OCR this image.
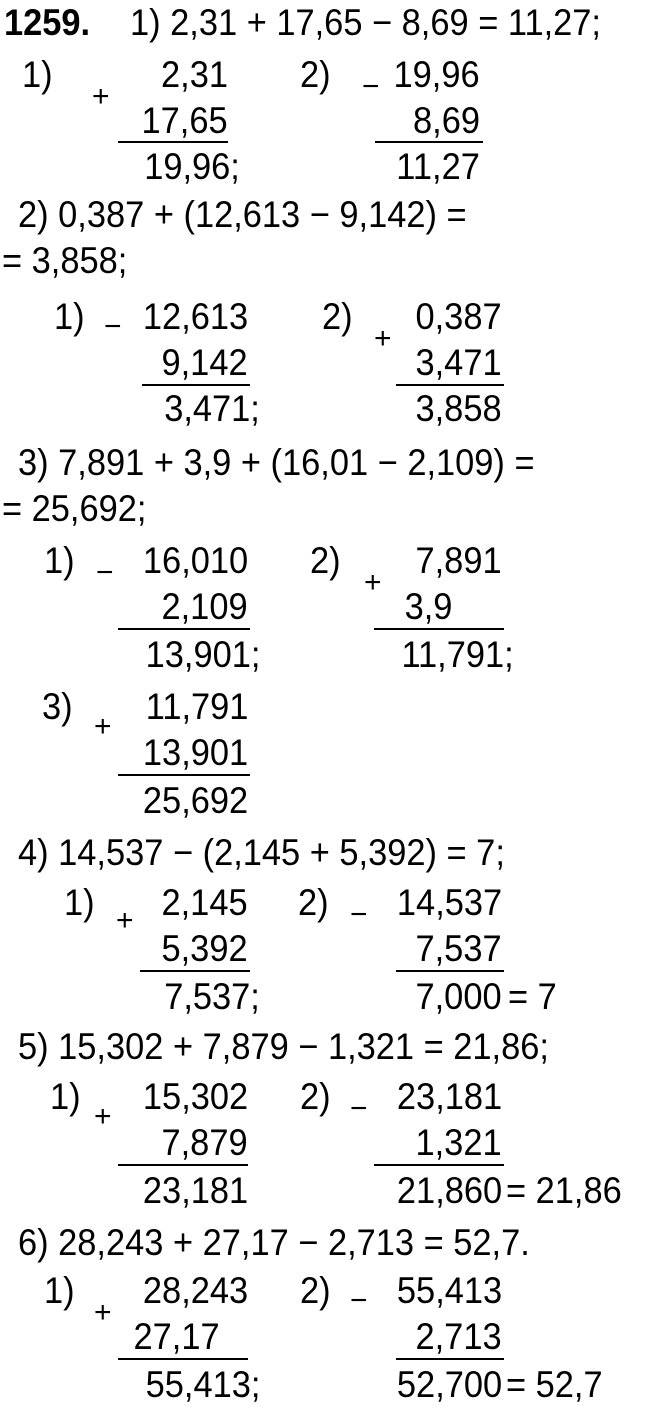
1259. 1) 2,31 + 17,65 − 8,69 = 11,27;
1)
+
2,31
17,65
19,96;
2) − 19,96
8,69
11,27
2) 0,387 + (12,613 − 9,142) =
= 3,858;
1) − 12,613
9,142
3,471;
2)
+
0,387
3,471
3,858
3) 7,891 + 3,9 + (16,01 − 2,109) =
= 25,692;
1) − 16,010
2,109
13,901;
2)
+
7,891
3,9
11,791;
3) + 11,791
13,901
25,692
4) 14,537 − (2,145 + 5,392) = 7;
1) + 2,145
5,392
7,537;
2) − 14,537
7,537
7,000 = 7
5) 15,302 + 7,879 − 1,321 = 21,86;
1) + 15,302
7,879
23,181
2) − 23,181
1,321
21,860 = 21,86
6) 28,243 + 27,17 − 2,713 = 52,7.
1)
+
28,243
27,17
55,413;
2) − 55,413
2,713
52,700 = 52,7
